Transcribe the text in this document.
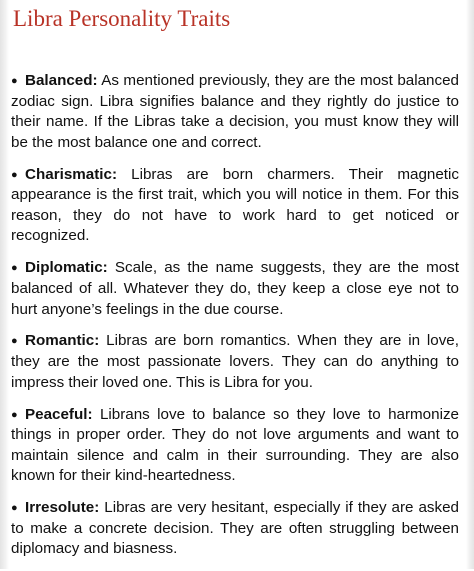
Libra Personality Traits
● Balanced: As mentioned previously, they are the most balanced zodiac sign. Libra signifies balance and they rightly do justice to their name. If the Libras take a decision, you must know they will be the most balance one and correct.
● Charismatic: Libras are born charmers. Their magnetic appearance is the first trait, which you will notice in them. For this reason, they do not have to work hard to get noticed or recognized.
● Diplomatic: Scale, as the name suggests, they are the most balanced of all. Whatever they do, they keep a close eye not to hurt anyone’s feelings in the due course.
● Romantic: Libras are born romantics. When they are in love, they are the most passionate lovers. They can do anything to impress their loved one. This is Libra for you.
● Peaceful: Librans love to balance so they love to harmonize things in proper order. They do not love arguments and want to maintain silence and calm in their surrounding. They are also known for their kind-heartedness.
● Irresolute: Libras are very hesitant, especially if they are asked to make a concrete decision. They are often struggling between diplomacy and biasness.
